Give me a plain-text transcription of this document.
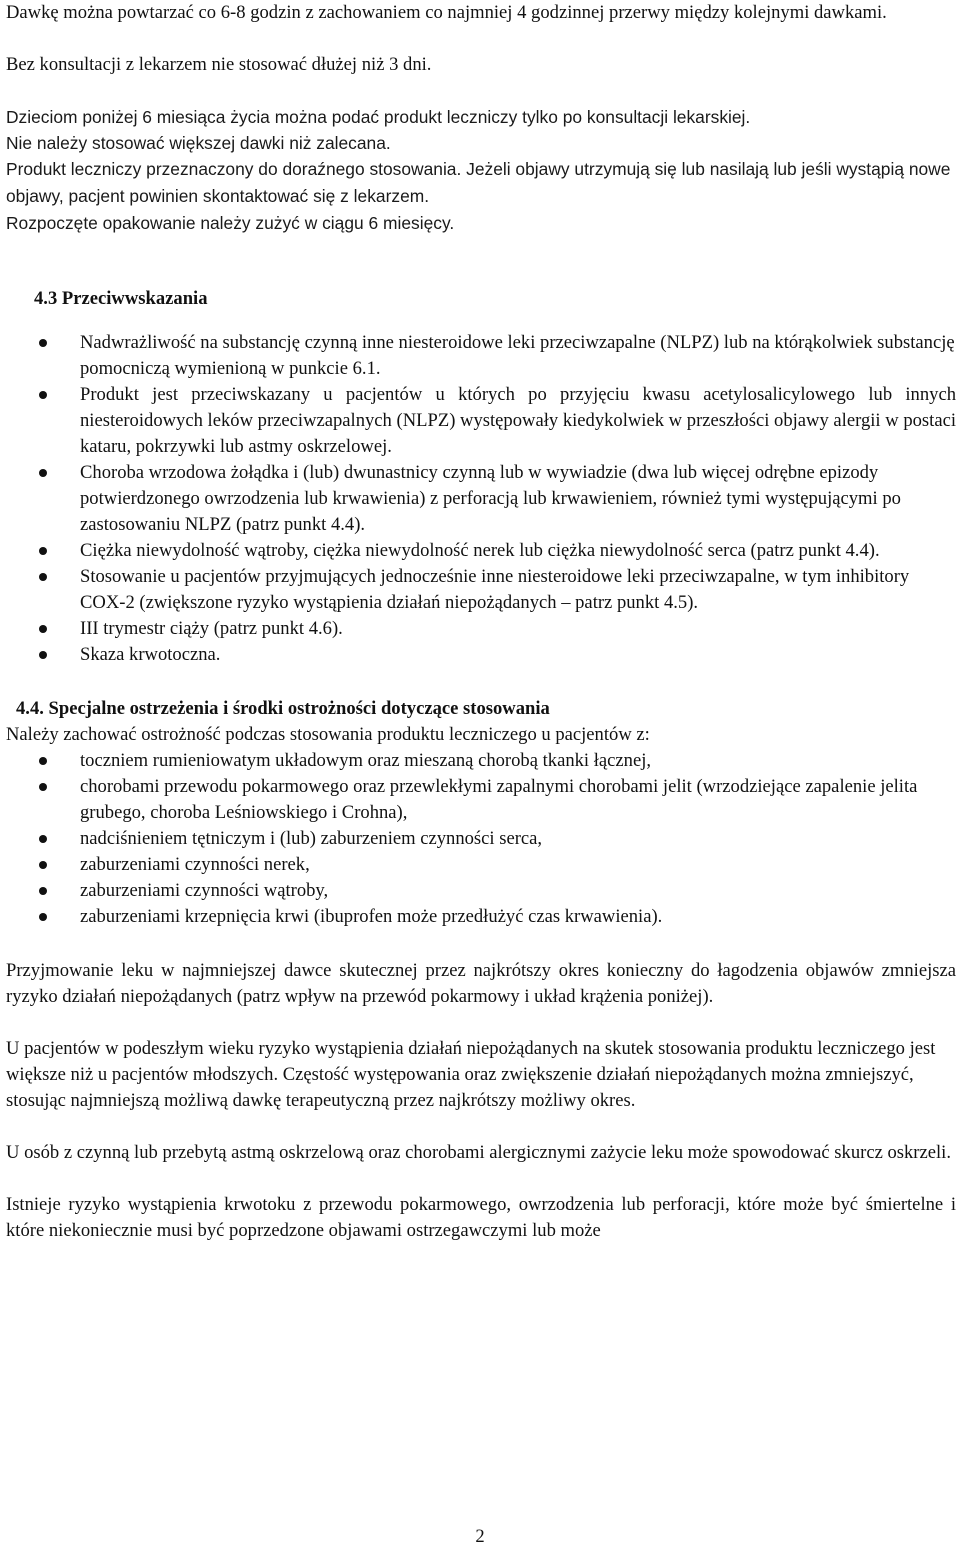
Dawkę można powtarzać co 6-8 godzin z zachowaniem co najmniej 4 godzinnej przerwy między kolejnymi dawkami.

Bez konsultacji z lekarzem nie stosować dłużej niż 3 dni.

Dzieciom poniżej 6 miesiąca życia można podać produkt leczniczy tylko po konsultacji lekarskiej.

Nie należy stosować większej dawki niż zalecana.

Produkt leczniczy przeznaczony do doraźnego stosowania. Jeżeli objawy utrzymują się lub nasilają lub jeśli wystąpią nowe objawy, pacjent powinien skontaktować się z lekarzem.

Rozpoczęte opakowanie należy zużyć w ciągu 6 miesięcy.

4.3 Przeciwwskazania

Nadwrażliwość na substancję czynną inne niesteroidowe leki przeciwzapalne (NLPZ) lub na którąkolwiek substancję pomocniczą wymienioną w punkcie 6.1.
Produkt jest przeciwskazany u pacjentów u których po przyjęciu kwasu acetylosalicylowego lub innych niesteroidowych leków przeciwzapalnych (NLPZ) występowały kiedykolwiek w przeszłości objawy alergii w postaci kataru, pokrzywki lub astmy oskrzelowej.
Choroba wrzodowa żołądka i (lub) dwunastnicy czynną lub w wywiadzie (dwa lub więcej odrębne epizody potwierdzonego owrzodzenia lub krwawienia) z perforacją lub krwawieniem, również tymi występującymi po zastosowaniu NLPZ (patrz punkt 4.4).
Ciężka niewydolność wątroby, ciężka niewydolność nerek lub ciężka niewydolność serca (patrz punkt 4.4).
Stosowanie u pacjentów przyjmujących jednocześnie inne niesteroidowe leki przeciwzapalne, w tym inhibitory COX-2 (zwiększone ryzyko wystąpienia działań niepożądanych – patrz punkt 4.5).
III trymestr ciąży (patrz punkt 4.6).
Skaza krwotoczna.

4.4. Specjalne ostrzeżenia i środki ostrożności dotyczące stosowania

Należy zachować ostrożność podczas stosowania produktu leczniczego u pacjentów z:

toczniem rumieniowatym układowym oraz mieszaną chorobą tkanki łącznej,
chorobami przewodu pokarmowego oraz przewlekłymi zapalnymi chorobami jelit (wrzodziejące zapalenie jelita grubego, choroba Leśniowskiego i Crohna),
nadciśnieniem tętniczym i (lub) zaburzeniem czynności serca,
zaburzeniami czynności nerek,
zaburzeniami czynności wątroby,
zaburzeniami krzepnięcia krwi (ibuprofen może przedłużyć czas krwawienia).

Przyjmowanie leku w najmniejszej dawce skutecznej przez najkrótszy okres konieczny do łagodzenia objawów zmniejsza ryzyko działań niepożądanych (patrz wpływ na przewód pokarmowy i układ krążenia poniżej).

U pacjentów w podeszłym wieku ryzyko wystąpienia działań niepożądanych na skutek stosowania produktu leczniczego jest większe niż u pacjentów młodszych. Częstość występowania oraz zwiększenie działań niepożądanych można zmniejszyć, stosując najmniejszą możliwą dawkę terapeutyczną przez najkrótszy możliwy okres.

U osób z czynną lub przebytą astmą oskrzelową oraz chorobami alergicznymi zażycie leku może spowodować skurcz oskrzeli.

Istnieje ryzyko wystąpienia krwotoku z przewodu pokarmowego, owrzodzenia lub perforacji, które może być śmiertelne i które niekoniecznie musi być poprzedzone objawami ostrzegawczymi lub może

2
